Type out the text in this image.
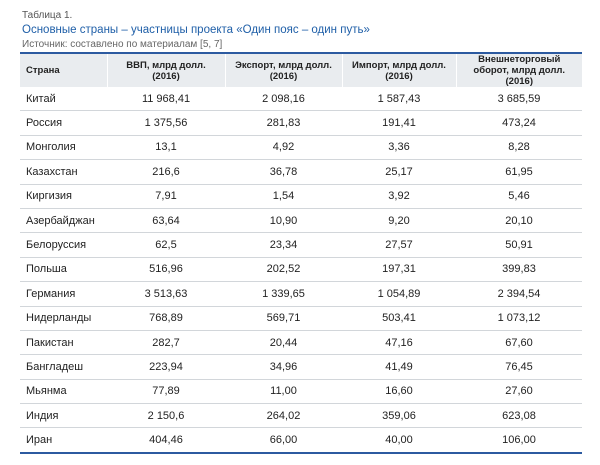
Таблица 1.
Основные страны – участницы проекта «Один пояс – один путь»
Источник: составлено по материалам [5, 7]
Страна	ВВП, млрд долл. (2016)	Экспорт, млрд долл. (2016)	Импорт, млрд долл. (2016)	Внешнеторговый оборот, млрд долл. (2016)
Китай	11 968,41	2 098,16	1 587,43	3 685,59
Россия	1 375,56	281,83	191,41	473,24
Монголия	13,1	4,92	3,36	8,28
Казахстан	216,6	36,78	25,17	61,95
Киргизия	7,91	1,54	3,92	5,46
Азербайджан	63,64	10,90	9,20	20,10
Белоруссия	62,5	23,34	27,57	50,91
Польша	516,96	202,52	197,31	399,83
Германия	3 513,63	1 339,65	1 054,89	2 394,54
Нидерланды	768,89	569,71	503,41	1 073,12
Пакистан	282,7	20,44	47,16	67,60
Бангладеш	223,94	34,96	41,49	76,45
Мьянма	77,89	11,00	16,60	27,60
Индия	2 150,6	264,02	359,06	623,08
Иран	404,46	66,00	40,00	106,00
